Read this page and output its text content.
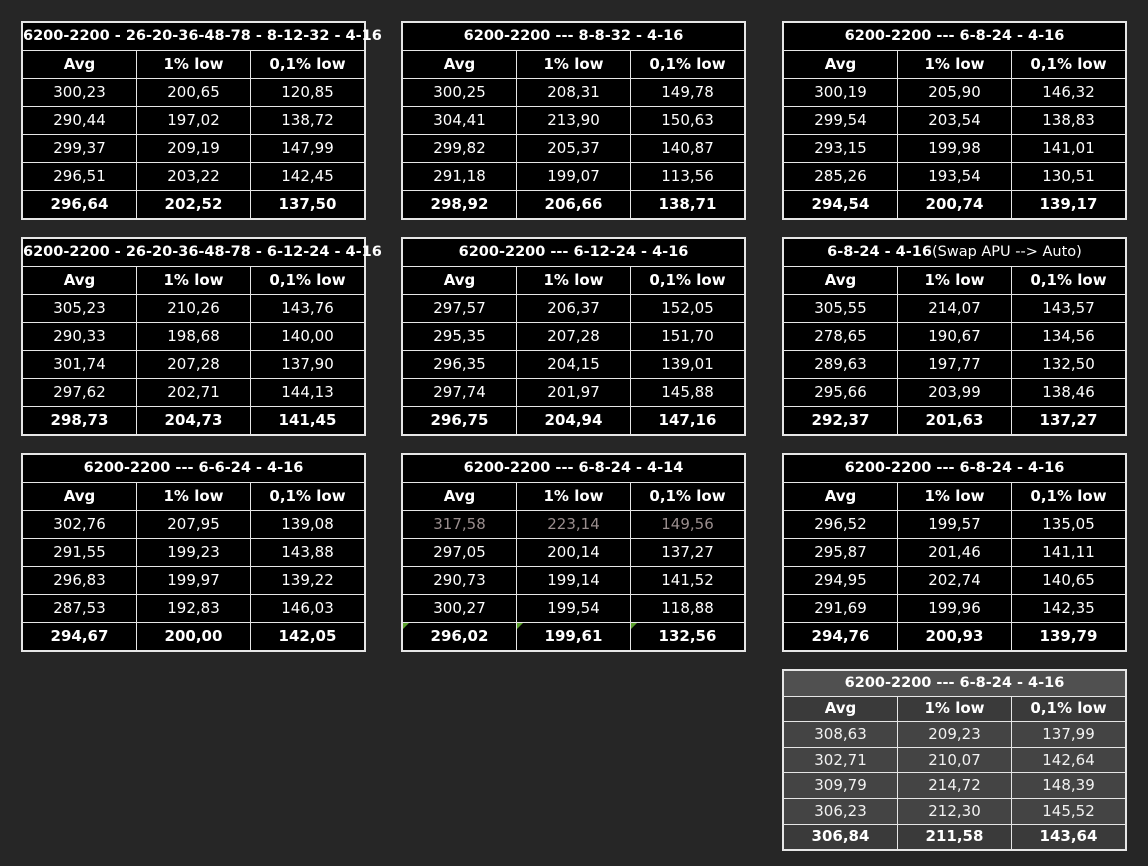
6200-2200 - 26-20-36-48-78 - 8-12-32 - 4-16
Avg	1% low	0,1% low
300,23	200,65	120,85
290,44	197,02	138,72
299,37	209,19	147,99
296,51	203,22	142,45
296,64	202,52	137,50
6200-2200 --- 8-8-32 - 4-16
Avg	1% low	0,1% low
300,25	208,31	149,78
304,41	213,90	150,63
299,82	205,37	140,87
291,18	199,07	113,56
298,92	206,66	138,71
6200-2200 --- 6-8-24 - 4-16
Avg	1% low	0,1% low
300,19	205,90	146,32
299,54	203,54	138,83
293,15	199,98	141,01
285,26	193,54	130,51
294,54	200,74	139,17
6200-2200 - 26-20-36-48-78 - 6-12-24 - 4-16
Avg	1% low	0,1% low
305,23	210,26	143,76
290,33	198,68	140,00
301,74	207,28	137,90
297,62	202,71	144,13
298,73	204,73	141,45
6200-2200 --- 6-12-24 - 4-16
Avg	1% low	0,1% low
297,57	206,37	152,05
295,35	207,28	151,70
296,35	204,15	139,01
297,74	201,97	145,88
296,75	204,94	147,16
6-8-24 - 4-16 (Swap APU --> Auto)
Avg	1% low	0,1% low
305,55	214,07	143,57
278,65	190,67	134,56
289,63	197,77	132,50
295,66	203,99	138,46
292,37	201,63	137,27
6200-2200 --- 6-6-24 - 4-16
Avg	1% low	0,1% low
302,76	207,95	139,08
291,55	199,23	143,88
296,83	199,97	139,22
287,53	192,83	146,03
294,67	200,00	142,05
6200-2200 --- 6-8-24 - 4-14
Avg	1% low	0,1% low
317,58	223,14	149,56
297,05	200,14	137,27
290,73	199,14	141,52
300,27	199,54	118,88
296,02	199,61	132,56
6200-2200 --- 6-8-24 - 4-16
Avg	1% low	0,1% low
296,52	199,57	135,05
295,87	201,46	141,11
294,95	202,74	140,65
291,69	199,96	142,35
294,76	200,93	139,79
6200-2200 --- 6-8-24 - 4-16
Avg	1% low	0,1% low
308,63	209,23	137,99
302,71	210,07	142,64
309,79	214,72	148,39
306,23	212,30	145,52
306,84	211,58	143,64
